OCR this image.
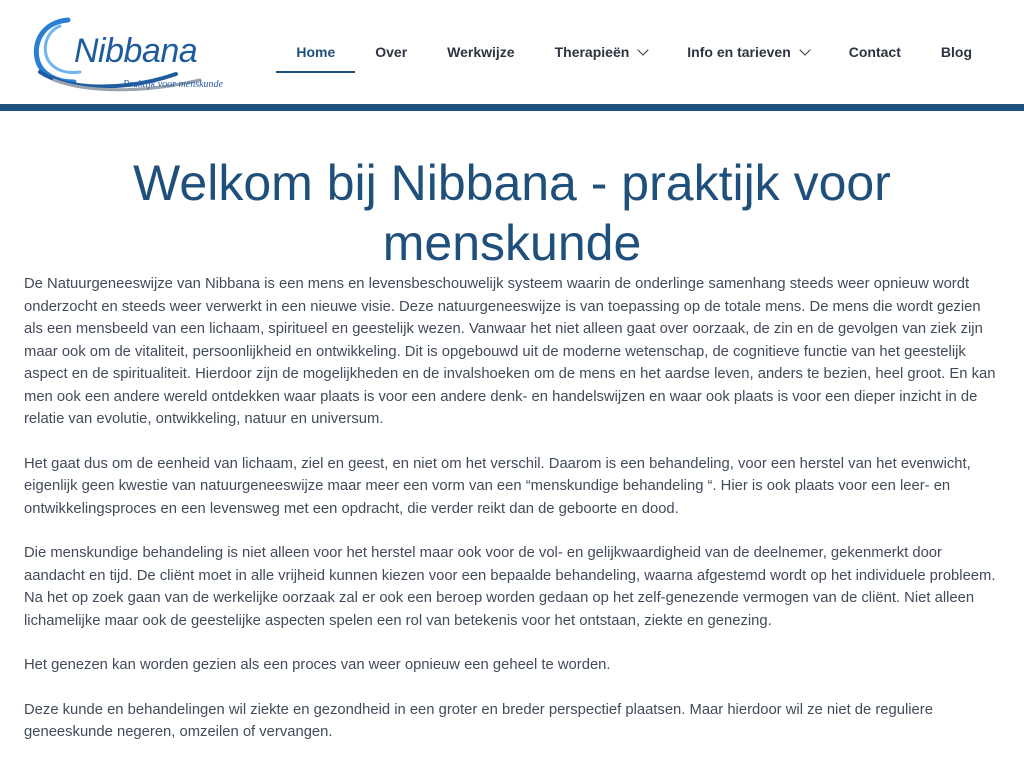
Nibbana
Praktijk voor menskunde
Home	Over	Werkwijze	Therapieën	Info en tarieven	Contact	Blog
Welkom bij Nibbana - praktijk voor menskunde

De Natuurgeneeswijze van Nibbana is een mens en levensbeschouwelijk systeem waarin de onderlinge samenhang steeds weer opnieuw wordt onderzocht en steeds weer verwerkt in een nieuwe visie. Deze natuurgeneeswijze is van toepassing op de totale mens. De mens die wordt gezien als een mensbeeld van een lichaam, spiritueel en geestelijk wezen. Vanwaar het niet alleen gaat over oorzaak, de zin en de gevolgen van ziek zijn maar ook om de vitaliteit, persoonlijkheid en ontwikkeling. Dit is opgebouwd uit de moderne wetenschap, de cognitieve functie van het geestelijk aspect en de spiritualiteit. Hierdoor zijn de mogelijkheden en de invalshoeken om de mens en het aardse leven, anders te bezien, heel groot. En kan men ook een andere wereld ontdekken waar plaats is voor een andere denk- en handelswijzen en waar ook plaats is voor een dieper inzicht in de relatie van evolutie, ontwikkeling, natuur en universum.

Het gaat dus om de eenheid van lichaam, ziel en geest, en niet om het verschil. Daarom is een behandeling, voor een herstel van het evenwicht, eigenlijk geen kwestie van natuurgeneeswijze maar meer een vorm van een “menskundige behandeling “. Hier is ook plaats voor een leer- en ontwikkelingsproces en een levensweg met een opdracht, die verder reikt dan de geboorte en dood.

Die menskundige behandeling is niet alleen voor het herstel maar ook voor de vol- en gelijkwaardigheid van de deelnemer, gekenmerkt door aandacht en tijd. De cliënt moet in alle vrijheid kunnen kiezen voor een bepaalde behandeling, waarna afgestemd wordt op het individuele probleem. Na het op zoek gaan van de werkelijke oorzaak zal er ook een beroep worden gedaan op het zelf-genezende vermogen van de cliënt. Niet alleen lichamelijke maar ook de geestelijke aspecten spelen een rol van betekenis voor het ontstaan, ziekte en genezing.

Het genezen kan worden gezien als een proces van weer opnieuw een geheel te worden.

Deze kunde en behandelingen wil ziekte en gezondheid in een groter en breder perspectief plaatsen. Maar hierdoor wil ze niet de reguliere geneeskunde negeren, omzeilen of vervangen.
